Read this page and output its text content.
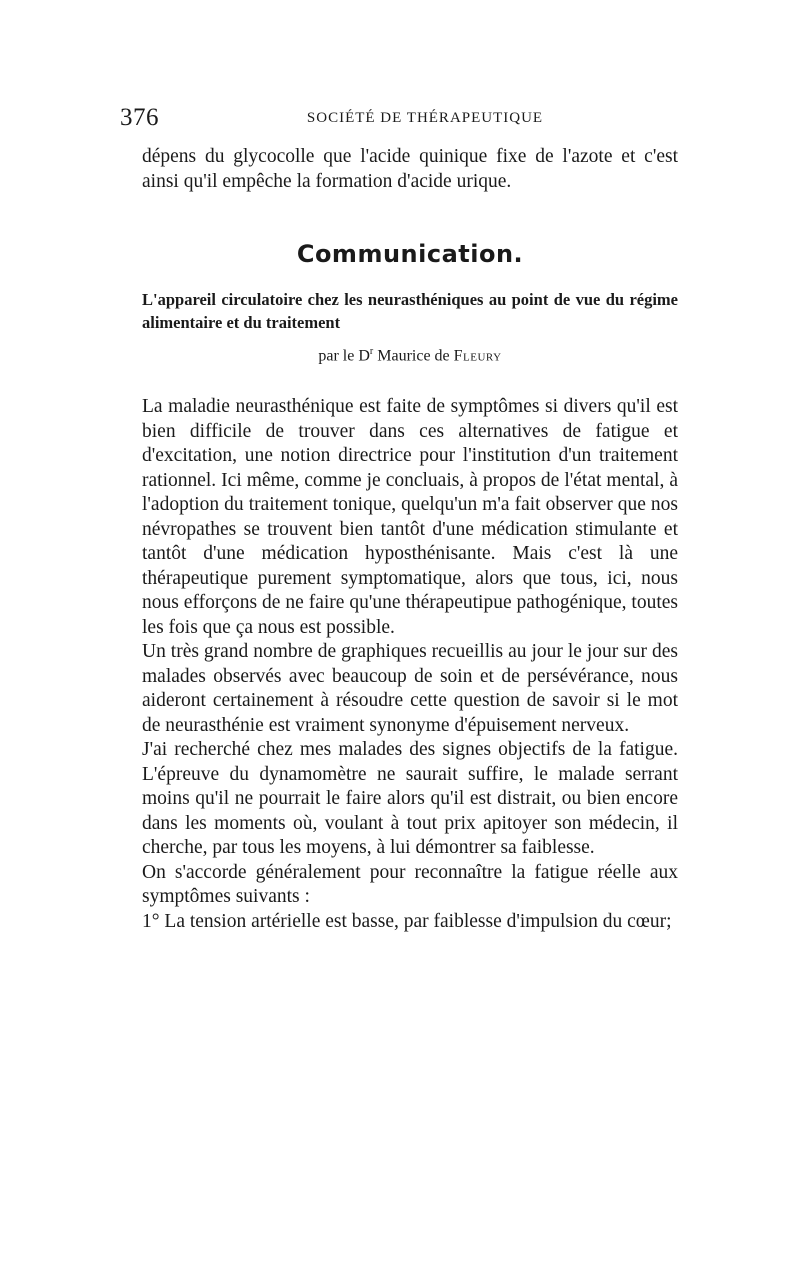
376	SOCIÉTÉ DE THÉRAPEUTIQUE

dépens du glycocolle que l'acide quinique fixe de l'azote et c'est ainsi qu'il empêche la formation d'acide urique.

Communication.
L'appareil circulatoire chez les neurasthéniques au point de vue du régime alimentaire et du traitement
par le $D^r$ Maurice de Fleury

La maladie neurasthénique est faite de symptômes si divers qu'il est bien difficile de trouver dans ces alternatives de fatigue et d'excitation, une notion directrice pour l'institution d'un traitement rationnel. Ici même, comme je concluais, à propos de l'état mental, à l'adoption du traitement tonique, quelqu'un m'a fait observer que nos névropathes se trouvent bien tantôt d'une médication stimulante et tantôt d'une médication hyposthénisante. Mais c'est là une thérapeutique purement symptomatique, alors que tous, ici, nous nous efforçons de ne faire qu'une thérapeutipue pathogénique, toutes les fois que ça nous est possible.

Un très grand nombre de graphiques recueillis au jour le jour sur des malades observés avec beaucoup de soin et de persévérance, nous aideront certainement à résoudre cette question de savoir si le mot de neurasthénie est vraiment synonyme d'épuisement nerveux.

J'ai recherché chez mes malades des signes objectifs de la fatigue. L'épreuve du dynamomètre ne saurait suffire, le malade serrant moins qu'il ne pourrait le faire alors qu'il est distrait, ou bien encore dans les moments où, voulant à tout prix apitoyer son médecin, il cherche, par tous les moyens, à lui démontrer sa faiblesse.

On s'accorde généralement pour reconnaître la fatigue réelle aux symptômes suivants :

1° La tension artérielle est basse, par faiblesse d'impulsion du cœur;
